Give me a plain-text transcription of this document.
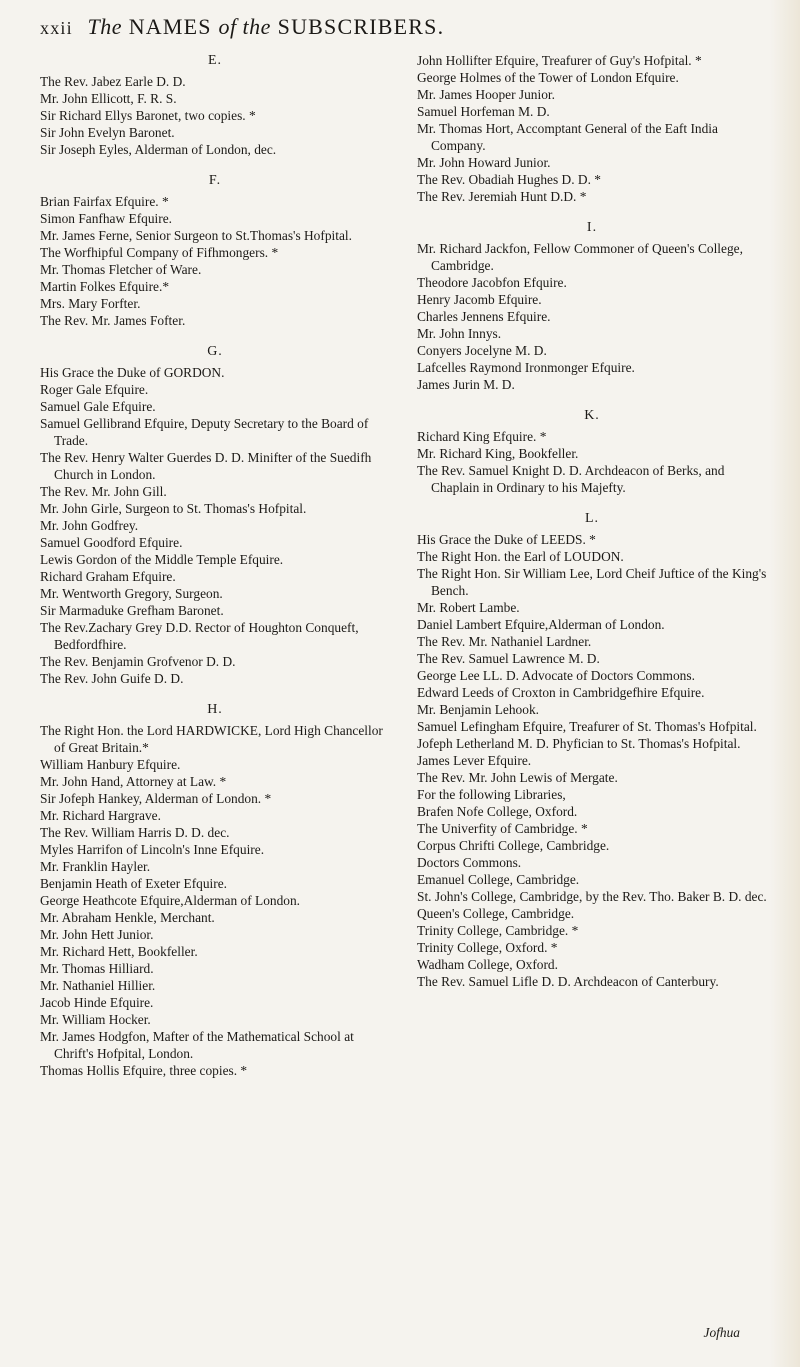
xxii The NAMES of the SUBSCRIBERS.
E.

The Rev. Jabez Earle D. D.

Mr. John Ellicott, F. R. S.

Sir Richard Ellys Baronet, two copies. *

Sir John Evelyn Baronet.

Sir Joseph Eyles, Alderman of London, dec.

F.

Brian Fairfax Efquire. *

Simon Fanfhaw Efquire.

Mr. James Ferne, Senior Surgeon to St.Thomas's Hofpital.

The Worfhipful Company of Fifhmongers. *

Mr. Thomas Fletcher of Ware.

Martin Folkes Efquire.*

Mrs. Mary Forfter.

The Rev. Mr. James Fofter.

G.

His Grace the Duke of GORDON.

Roger Gale Efquire.

Samuel Gale Efquire.

Samuel Gellibrand Efquire, Deputy Secretary to the Board of Trade.

The Rev. Henry Walter Guerdes D. D. Minifter of the Suedifh Church in London.

The Rev. Mr. John Gill.

Mr. John Girle, Surgeon to St. Thomas's Hofpital.

Mr. John Godfrey.

Samuel Goodford Efquire.

Lewis Gordon of the Middle Temple Efquire.

Richard Graham Efquire.

Mr. Wentworth Gregory, Surgeon.

Sir Marmaduke Grefham Baronet.

The Rev.Zachary Grey D.D. Rector of Houghton Conqueft, Bedfordfhire.

The Rev. Benjamin Grofvenor D. D.

The Rev. John Guife D. D.

H.

The Right Hon. the Lord HARDWICKE, Lord High Chancellor of Great Britain.*

William Hanbury Efquire.

Mr. John Hand, Attorney at Law. *

Sir Jofeph Hankey, Alderman of London. *

Mr. Richard Hargrave.

The Rev. William Harris D. D. dec.

Myles Harrifon of Lincoln's Inne Efquire.

Mr. Franklin Hayler.

Benjamin Heath of Exeter Efquire.

George Heathcote Efquire,Alderman of London.

Mr. Abraham Henkle, Merchant.

Mr. John Hett Junior.

Mr. Richard Hett, Bookfeller.

Mr. Thomas Hilliard.

Mr. Nathaniel Hillier.

Jacob Hinde Efquire.

Mr. William Hocker.

Mr. James Hodgfon, Mafter of the Mathematical School at Chrift's Hofpital, London.

Thomas Hollis Efquire, three copies. *

John Hollifter Efquire, Treafurer of Guy's Hofpital. *

George Holmes of the Tower of London Efquire.

Mr. James Hooper Junior.

Samuel Horfeman M. D.

Mr. Thomas Hort, Accomptant General of the Eaft India Company.

Mr. John Howard Junior.

The Rev. Obadiah Hughes D. D. *

The Rev. Jeremiah Hunt D.D. *

I.

Mr. Richard Jackfon, Fellow Commoner of Queen's College, Cambridge.

Theodore Jacobfon Efquire.

Henry Jacomb Efquire.

Charles Jennens Efquire.

Mr. John Innys.

Conyers Jocelyne M. D.

Lafcelles Raymond Ironmonger Efquire.

James Jurin M. D.

K.

Richard King Efquire. *

Mr. Richard King, Bookfeller.

The Rev. Samuel Knight D. D. Archdeacon of Berks, and Chaplain in Ordinary to his Majefty.

L.

His Grace the Duke of LEEDS. *

The Right Hon. the Earl of LOUDON.

The Right Hon. Sir William Lee, Lord Cheif Juftice of the King's Bench.

Mr. Robert Lambe.

Daniel Lambert Efquire,Alderman of London.

The Rev. Mr. Nathaniel Lardner.

The Rev. Samuel Lawrence M. D.

George Lee LL. D. Advocate of Doctors Commons.

Edward Leeds of Croxton in Cambridgefhire Efquire.

Mr. Benjamin Lehook.

Samuel Lefingham Efquire, Treafurer of St. Thomas's Hofpital.

Jofeph Letherland M. D. Phyfician to St. Thomas's Hofpital.

James Lever Efquire.

The Rev. Mr. John Lewis of Mergate.

For the following Libraries,

Brafen Nofe College, Oxford.

The Univerfity of Cambridge. *

Corpus Chrifti College, Cambridge.

Doctors Commons.

Emanuel College, Cambridge.

St. John's College, Cambridge, by the Rev. Tho. Baker B. D. dec.

Queen's College, Cambridge.

Trinity College, Cambridge. *

Trinity College, Oxford. *

Wadham College, Oxford.

The Rev. Samuel Lifle D. D. Archdeacon of Canterbury.

Jofhua
